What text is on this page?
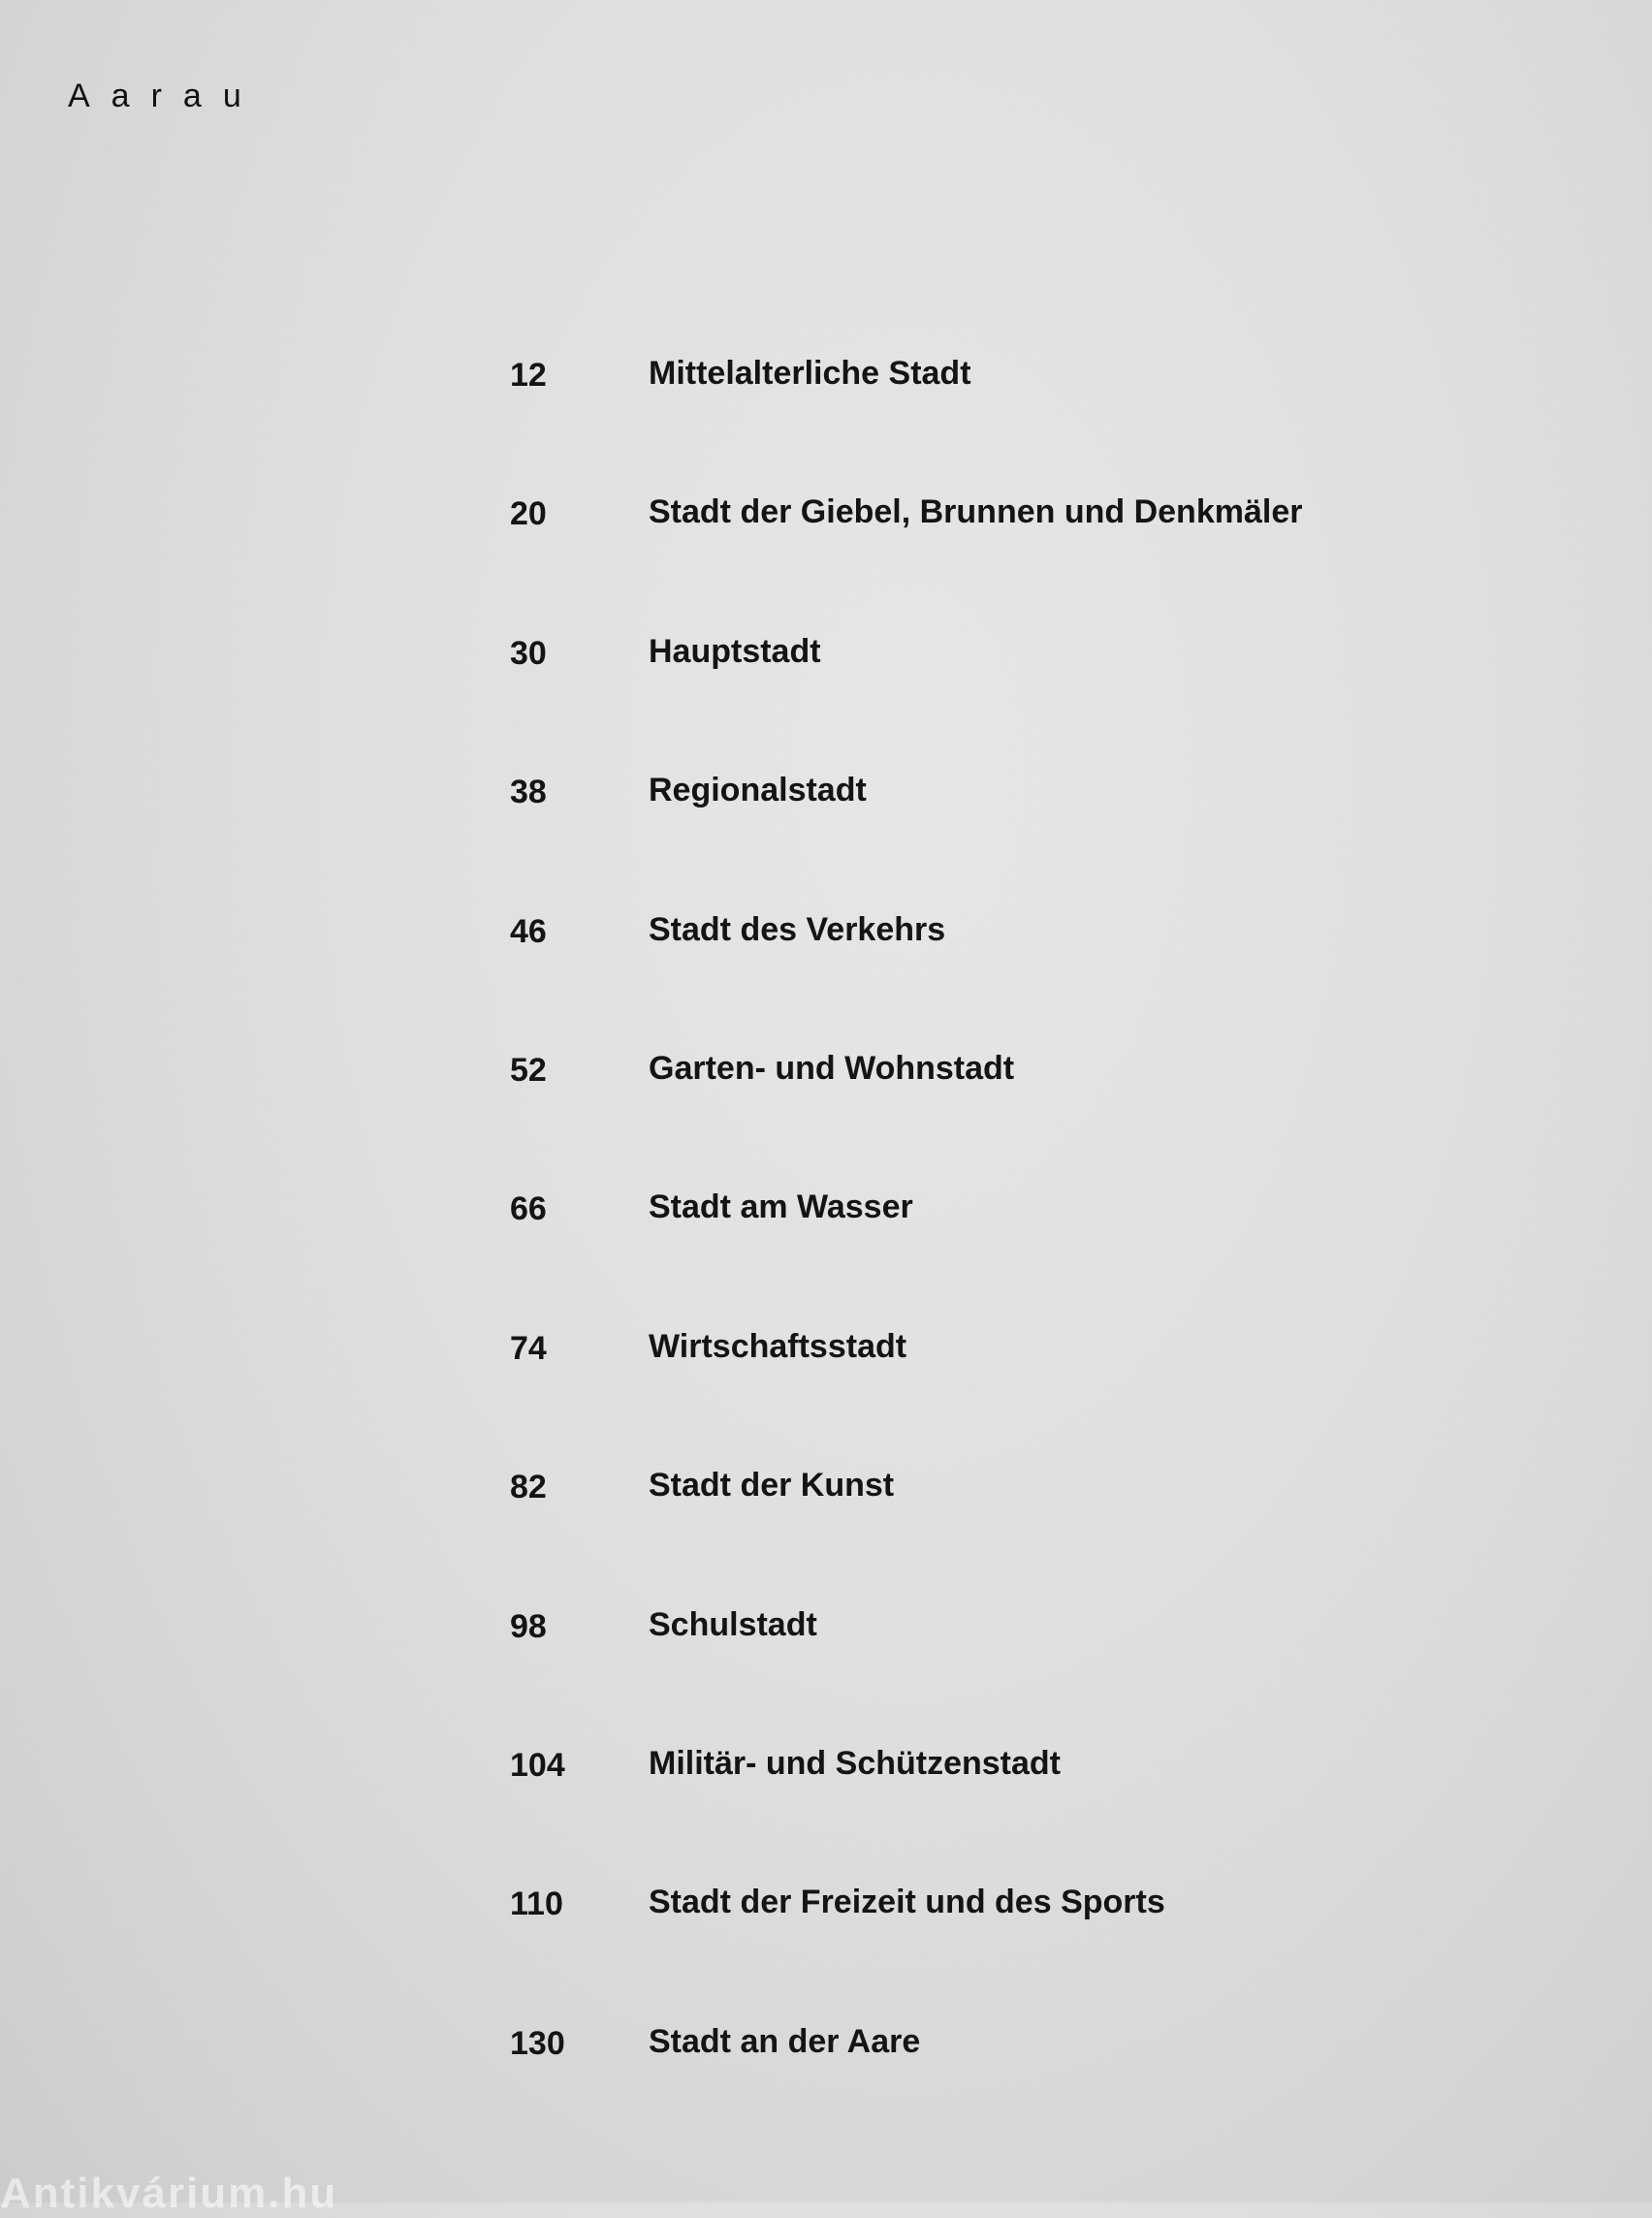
Aarau
12	Mittelalterliche Stadt
20	Stadt der Giebel, Brunnen und Denkmäler
30	Hauptstadt
38	Regionalstadt
46	Stadt des Verkehrs
52	Garten- und Wohnstadt
66	Stadt am Wasser
74	Wirtschaftsstadt
82	Stadt der Kunst
98	Schulstadt
104	Militär- und Schützenstadt
110	Stadt der Freizeit und des Sports
130	Stadt an der Aare
Antikvárium.hu
